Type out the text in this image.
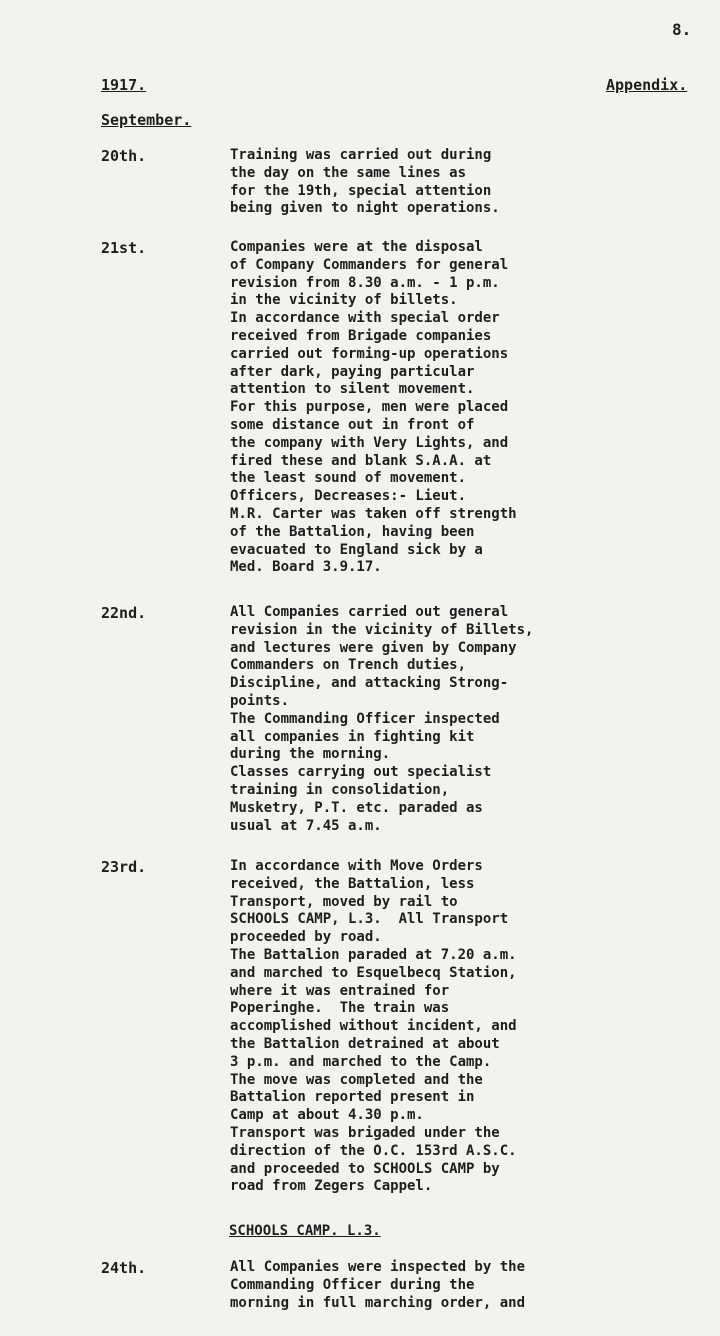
8.
1917.	Appendix.
September.
20th.	Training was carried out during
the day on the same lines as
for the 19th, special attention
being given to night operations.

21st.	Companies were at the disposal
of Company Commanders for general
revision from 8.30 a.m. - 1 p.m.
in the vicinity of billets.
In accordance with special order
received from Brigade companies
carried out forming-up operations
after dark, paying particular
attention to silent movement.
For this purpose, men were placed
some distance out in front of
the company with Very Lights, and
fired these and blank S.A.A. at
the least sound of movement.
Officers, Decreases:- Lieut.
M.R. Carter was taken off strength
of the Battalion, having been
evacuated to England sick by a
Med. Board 3.9.17.

22nd.	All Companies carried out general
revision in the vicinity of Billets,
and lectures were given by Company
Commanders on Trench duties,
Discipline, and attacking Strong-
points.
The Commanding Officer inspected
all companies in fighting kit
during the morning.
Classes carrying out specialist
training in consolidation,
Musketry, P.T. etc. paraded as
usual at 7.45 a.m.

23rd.	In accordance with Move Orders
received, the Battalion, less
Transport, moved by rail to
SCHOOLS CAMP, L.3.  All Transport
proceeded by road.
The Battalion paraded at 7.20 a.m.
and marched to Esquelbecq Station,
where it was entrained for
Poperinghe.  The train was
accomplished without incident, and
the Battalion detrained at about
3 p.m. and marched to the Camp.
The move was completed and the
Battalion reported present in
Camp at about 4.30 p.m.
Transport was brigaded under the
direction of the O.C. 153rd A.S.C.
and proceeded to SCHOOLS CAMP by
road from Zegers Cappel.

SCHOOLS CAMP. L.3.
24th.	All Companies were inspected by the
Commanding Officer during the
morning in full marching order, and
